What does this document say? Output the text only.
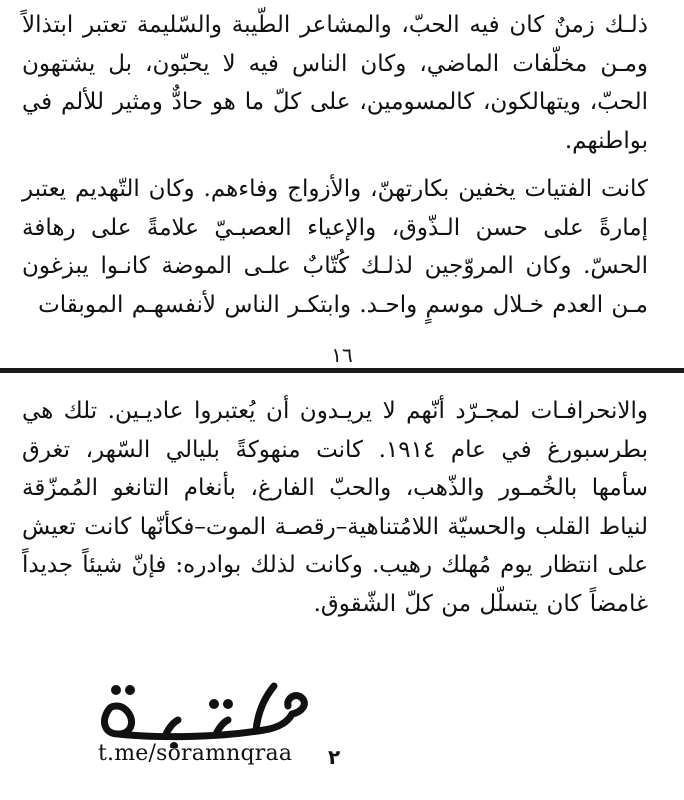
ذلـك زمنٌ كان فيه الحبّ، والمشاعر الطّيبة والسّليمة تعتبر ابتذالاً ومـن مخلّفات الماضي، وكان الناس فيه لا يحبّون، بل يشتهون الحبّ، ويتهالكون، كالمسومين، على كلّ ما هو حادٌّ ومثير للألم في بواطنهم.

كانت الفتيات يخفين بكارتهنّ، والأزواج وفاءهم. وكان التّهديم يعتبر إمارةً على حسن الـذّوق، والإعياء العصبـيّ علامةً على رهافة الحسّ. وكان المروّجين لذلـك كُتّابٌ علـى الموضة كانـوا يبزغون مـن العدم خـلال موسمٍ واحـد. وابتكـر الناس لأنفسهـم الموبقات

١٦

والانحرافـات لمجـرّد أنّهم لا يريـدون أن يُعتبروا عاديـين. تلك هي بطرسبورغ في عام ١٩١٤. كانت منهوكةً بليالي السّهر، تغرق سأمها بالخُمـور والذّهب، والحبّ الفارغ، بأنغام التانغو المُمزّقة لنياط القلب والحسيّة اللامُتناهية–رقصـة الموت–فكأنّها كانت تعيش على انتظار يوم مُهلك رهيب. وكانت لذلك بوادره: فإنّ شيئاً جديداً غامضاً كان يتسلّل من كلّ الشّقوق.

t.me/soramnqraa ٢
